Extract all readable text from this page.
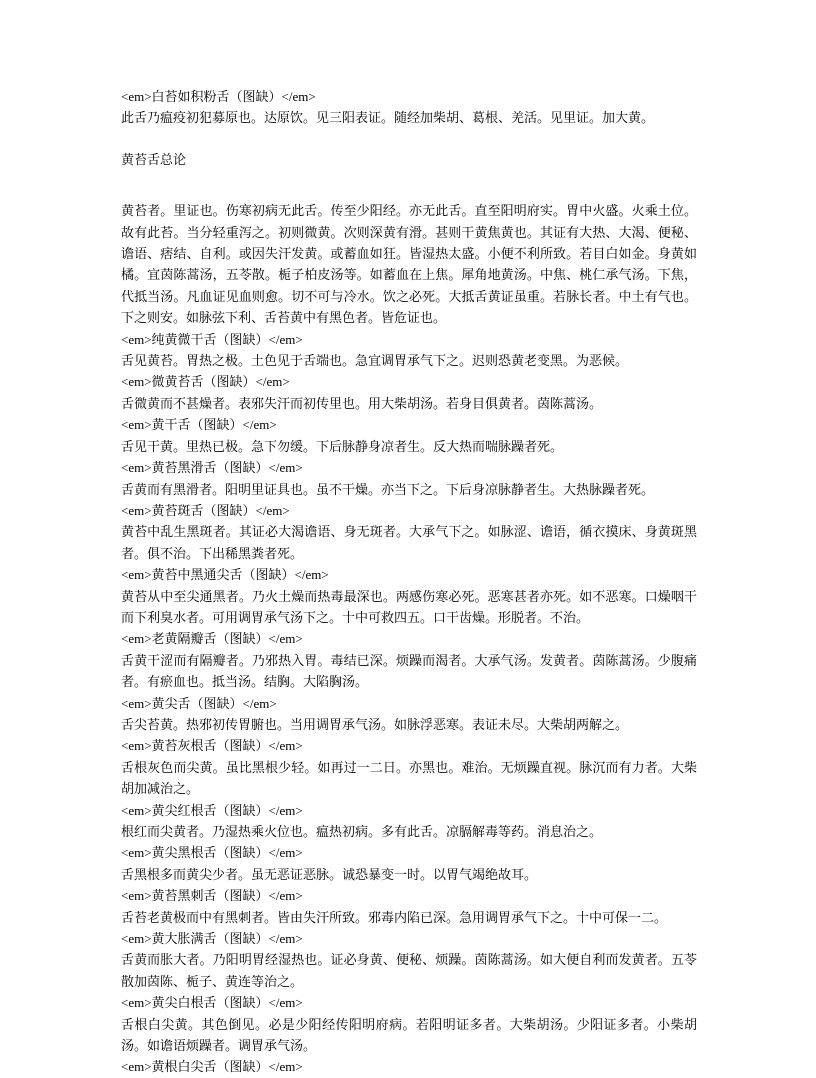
<em>白苔如积粉舌（图缺）</em>

此舌乃瘟疫初犯募原也。达原饮。见三阳表证。随经加柴胡、葛根、羌活。见里证。加大黄。

黄苔舌总论

黄苔者。里证也。伤寒初病无此舌。传至少阳经。亦无此舌。直至阳明府实。胃中火盛。火乘土位。故有此苔。当分轻重泻之。初则微黄。次则深黄有滑。甚则干黄焦黄也。其证有大热、大渴、便秘、谵语、痞结、自利。或因失汗发黄。或蓄血如狂。皆湿热太盛。小便不利所致。若目白如金。身黄如橘。宜茵陈蒿汤，五苓散。栀子柏皮汤等。如蓄血在上焦。犀角地黄汤。中焦、桃仁承气汤。下焦，代抵当汤。凡血证见血则愈。切不可与冷水。饮之必死。大抵舌黄证虽重。若脉长者。中土有气也。下之则安。如脉弦下利、舌苔黄中有黑色者。皆危证也。

<em>纯黄微干舌（图缺）</em>

舌见黄苔。胃热之极。土色见于舌端也。急宜调胃承气下之。迟则恐黄老变黑。为恶候。

<em>微黄苔舌（图缺）</em>

舌微黄而不甚燥者。表邪失汗而初传里也。用大柴胡汤。若身目俱黄者。茵陈蒿汤。

<em>黄干舌（图缺）</em>

舌见干黄。里热已极。急下勿缓。下后脉静身凉者生。反大热而喘脉躁者死。

<em>黄苔黑滑舌（图缺）</em>

舌黄而有黑滑者。阳明里证具也。虽不干燥。亦当下之。下后身凉脉静者生。大热脉躁者死。

<em>黄苔斑舌（图缺）</em>

黄苔中乱生黑斑者。其证必大渴谵语、身无斑者。大承气下之。如脉涩、谵语，循衣摸床、身黄斑黑者。俱不治。下出稀黑粪者死。

<em>黄苔中黑通尖舌（图缺）</em>

黄苔从中至尖通黑者。乃火土燥而热毒最深也。两感伤寒必死。恶寒甚者亦死。如不恶寒。口燥咽干而下利臭水者。可用调胃承气汤下之。十中可救四五。口干齿燥。形脱者。不治。

<em>老黄隔瓣舌（图缺）</em>

舌黄干涩而有隔瓣者。乃邪热入胃。毒结已深。烦躁而渴者。大承气汤。发黄者。茵陈蒿汤。少腹痛者。有瘀血也。抵当汤。结胸。大陷胸汤。

<em>黄尖舌（图缺）</em>

舌尖苔黄。热邪初传胃腑也。当用调胃承气汤。如脉浮恶寒。表证未尽。大柴胡两解之。

<em>黄苔灰根舌（图缺）</em>

舌根灰色而尖黄。虽比黑根少轻。如再过一二日。亦黑也。难治。无烦躁直视。脉沉而有力者。大柴胡加减治之。

<em>黄尖红根舌（图缺）</em>

根红而尖黄者。乃湿热乘火位也。瘟热初病。多有此舌。凉膈解毒等药。消息治之。

<em>黄尖黑根舌（图缺）</em>

舌黑根多而黄尖少者。虽无恶证恶脉。诚恐暴变一时。以胃气竭绝故耳。

<em>黄苔黑刺舌（图缺）</em>

舌苔老黄极而中有黑刺者。皆由失汗所致。邪毒内陷已深。急用调胃承气下之。十中可保一二。

<em>黄大胀满舌（图缺）</em>

舌黄而胀大者。乃阳明胃经湿热也。证必身黄、便秘、烦躁。茵陈蒿汤。如大便自利而发黄者。五苓散加茵陈、栀子、黄连等治之。

<em>黄尖白根舌（图缺）</em>

舌根白尖黄。其色倒见。必是少阳经传阳明府病。若阳明证多者。大柴胡汤。少阳证多者。小柴胡汤。如谵语烦躁者。调胃承气汤。

<em>黄根白尖舌（图缺）</em>
